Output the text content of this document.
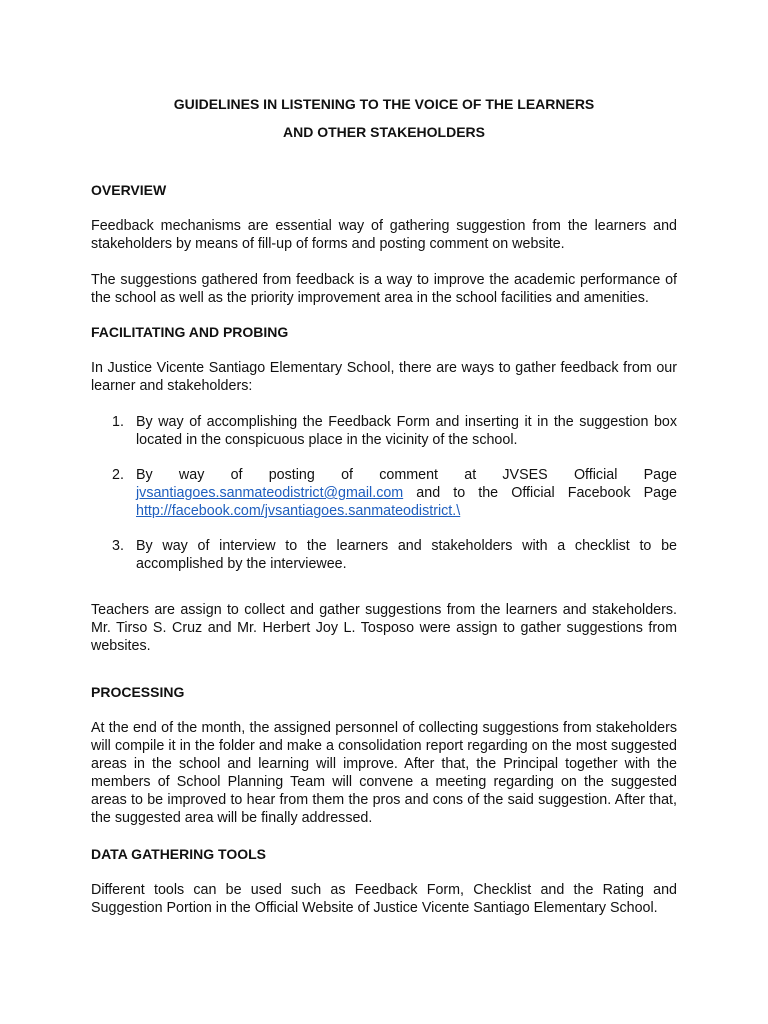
GUIDELINES IN LISTENING TO THE VOICE OF THE LEARNERS

AND OTHER STAKEHOLDERS

OVERVIEW

Feedback mechanisms are essential way of gathering suggestion from the learners and stakeholders by means of fill-up of forms and posting comment on website.

The suggestions gathered from feedback is a way to improve the academic performance of the school as well as the priority improvement area in the school facilities and amenities.

FACILITATING AND PROBING

In Justice Vicente Santiago Elementary School, there are ways to gather feedback from our learner and stakeholders:

1. By way of accomplishing the Feedback Form and inserting it in the suggestion box located in the conspicuous place in the vicinity of the school.
2. By way of posting of comment at JVSES Official Page jvsantiagoes.sanmateodistrict@gmail.com and to the Official Facebook Page http://facebook.com/jvsantiagoes.sanmateodistrict.\
3. By way of interview to the learners and stakeholders with a checklist to be accomplished by the interviewee.

Teachers are assign to collect and gather suggestions from the learners and stakeholders. Mr. Tirso S. Cruz and Mr. Herbert Joy L. Tosposo were assign to gather suggestions from websites.

PROCESSING

At the end of the month, the assigned personnel of collecting suggestions from stakeholders will compile it in the folder and make a consolidation report regarding on the most suggested areas in the school and learning will improve. After that, the Principal together with the members of School Planning Team will convene a meeting regarding on the suggested areas to be improved to hear from them the pros and cons of the said suggestion. After that, the suggested area will be finally addressed.

DATA GATHERING TOOLS

Different tools can be used such as Feedback Form, Checklist and the Rating and Suggestion Portion in the Official Website of Justice Vicente Santiago Elementary School.
